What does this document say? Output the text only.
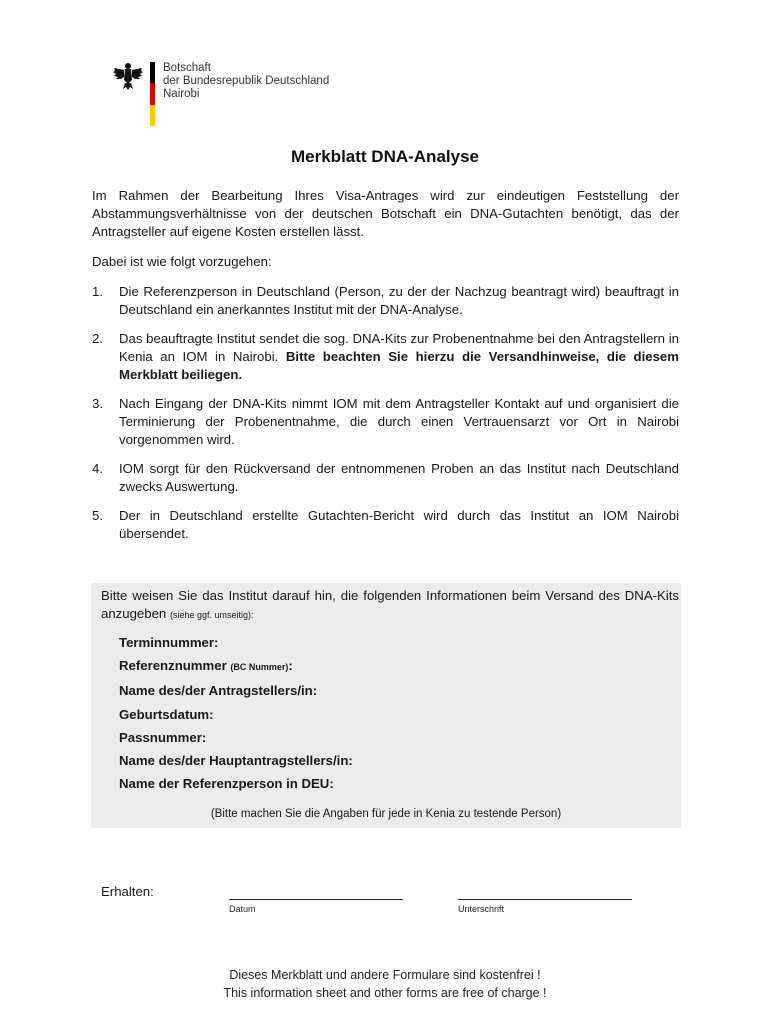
Botschaft
der Bundesrepublik Deutschland
Nairobi
Merkblatt DNA-Analyse
Im Rahmen der Bearbeitung Ihres Visa-Antrages wird zur eindeutigen Feststellung der Abstammungsverhältnisse von der deutschen Botschaft ein DNA-Gutachten benötigt, das der Antragsteller auf eigene Kosten erstellen lässt.
Dabei ist wie folgt vorzugehen:
1.	Die Referenzperson in Deutschland (Person, zu der der Nachzug beantragt wird) beauftragt in Deutschland ein anerkanntes Institut mit der DNA-Analyse.
2.	Das beauftragte Institut sendet die sog. DNA-Kits zur Probenentnahme bei den Antragstellern in Kenia an IOM in Nairobi. Bitte beachten Sie hierzu die Versandhinweise, die diesem Merkblatt beiliegen.
3.	Nach Eingang der DNA-Kits nimmt IOM mit dem Antragsteller Kontakt auf und organisiert die Terminierung der Probenentnahme, die durch einen Vertrauensarzt vor Ort in Nairobi vorgenommen wird.
4.	IOM sorgt für den Rückversand der entnommenen Proben an das Institut nach Deutschland zwecks Auswertung.
5.	Der in Deutschland erstellte Gutachten-Bericht wird durch das Institut an IOM Nairobi übersendet.
Bitte weisen Sie das Institut darauf hin, die folgenden Informationen beim Versand des DNA-Kits anzugeben (siehe ggf. umseitig):
Terminnummer:
Referenznummer (BC Nummer):
Name des/der Antragstellers/in:
Geburtsdatum:
Passnummer:
Name des/der Hauptantragstellers/in:
Name der Referenzperson in DEU:
(Bitte machen Sie die Angaben für jede in Kenia zu testende Person)
Erhalten:
Datum	Unterschrift
Dieses Merkblatt und andere Formulare sind kostenfrei !
This information sheet and other forms are free of charge !
